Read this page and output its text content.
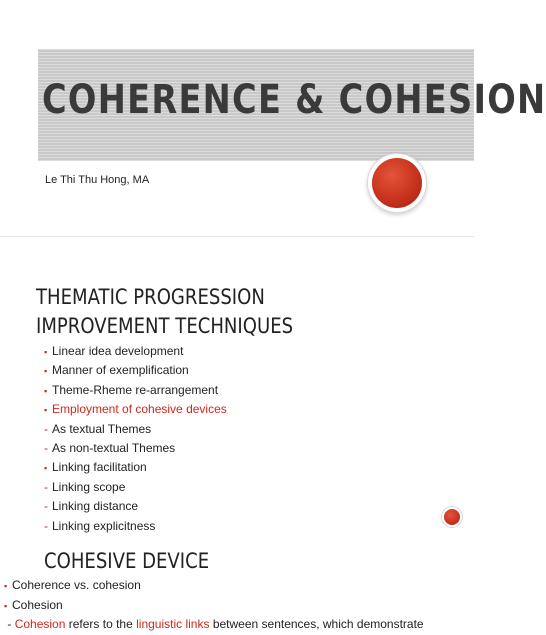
COHERENCE & COHESION
Le Thi Thu Hong, MA
THEMATIC PROGRESSION
IMPROVEMENT TECHNIQUES
▪ Linear idea development
▪ Manner of exemplification
▪ Theme-Rheme re-arrangement
▪ Employment of cohesive devices
- As textual Themes
- As non-textual Themes
▪ Linking facilitation
- Linking scope
- Linking distance
- Linking explicitness
COHESIVE DEVICE
▪ Coherence vs. cohesion
▪ Cohesion
- Cohesion refers to the linguistic links between sentences, which demonstrate
